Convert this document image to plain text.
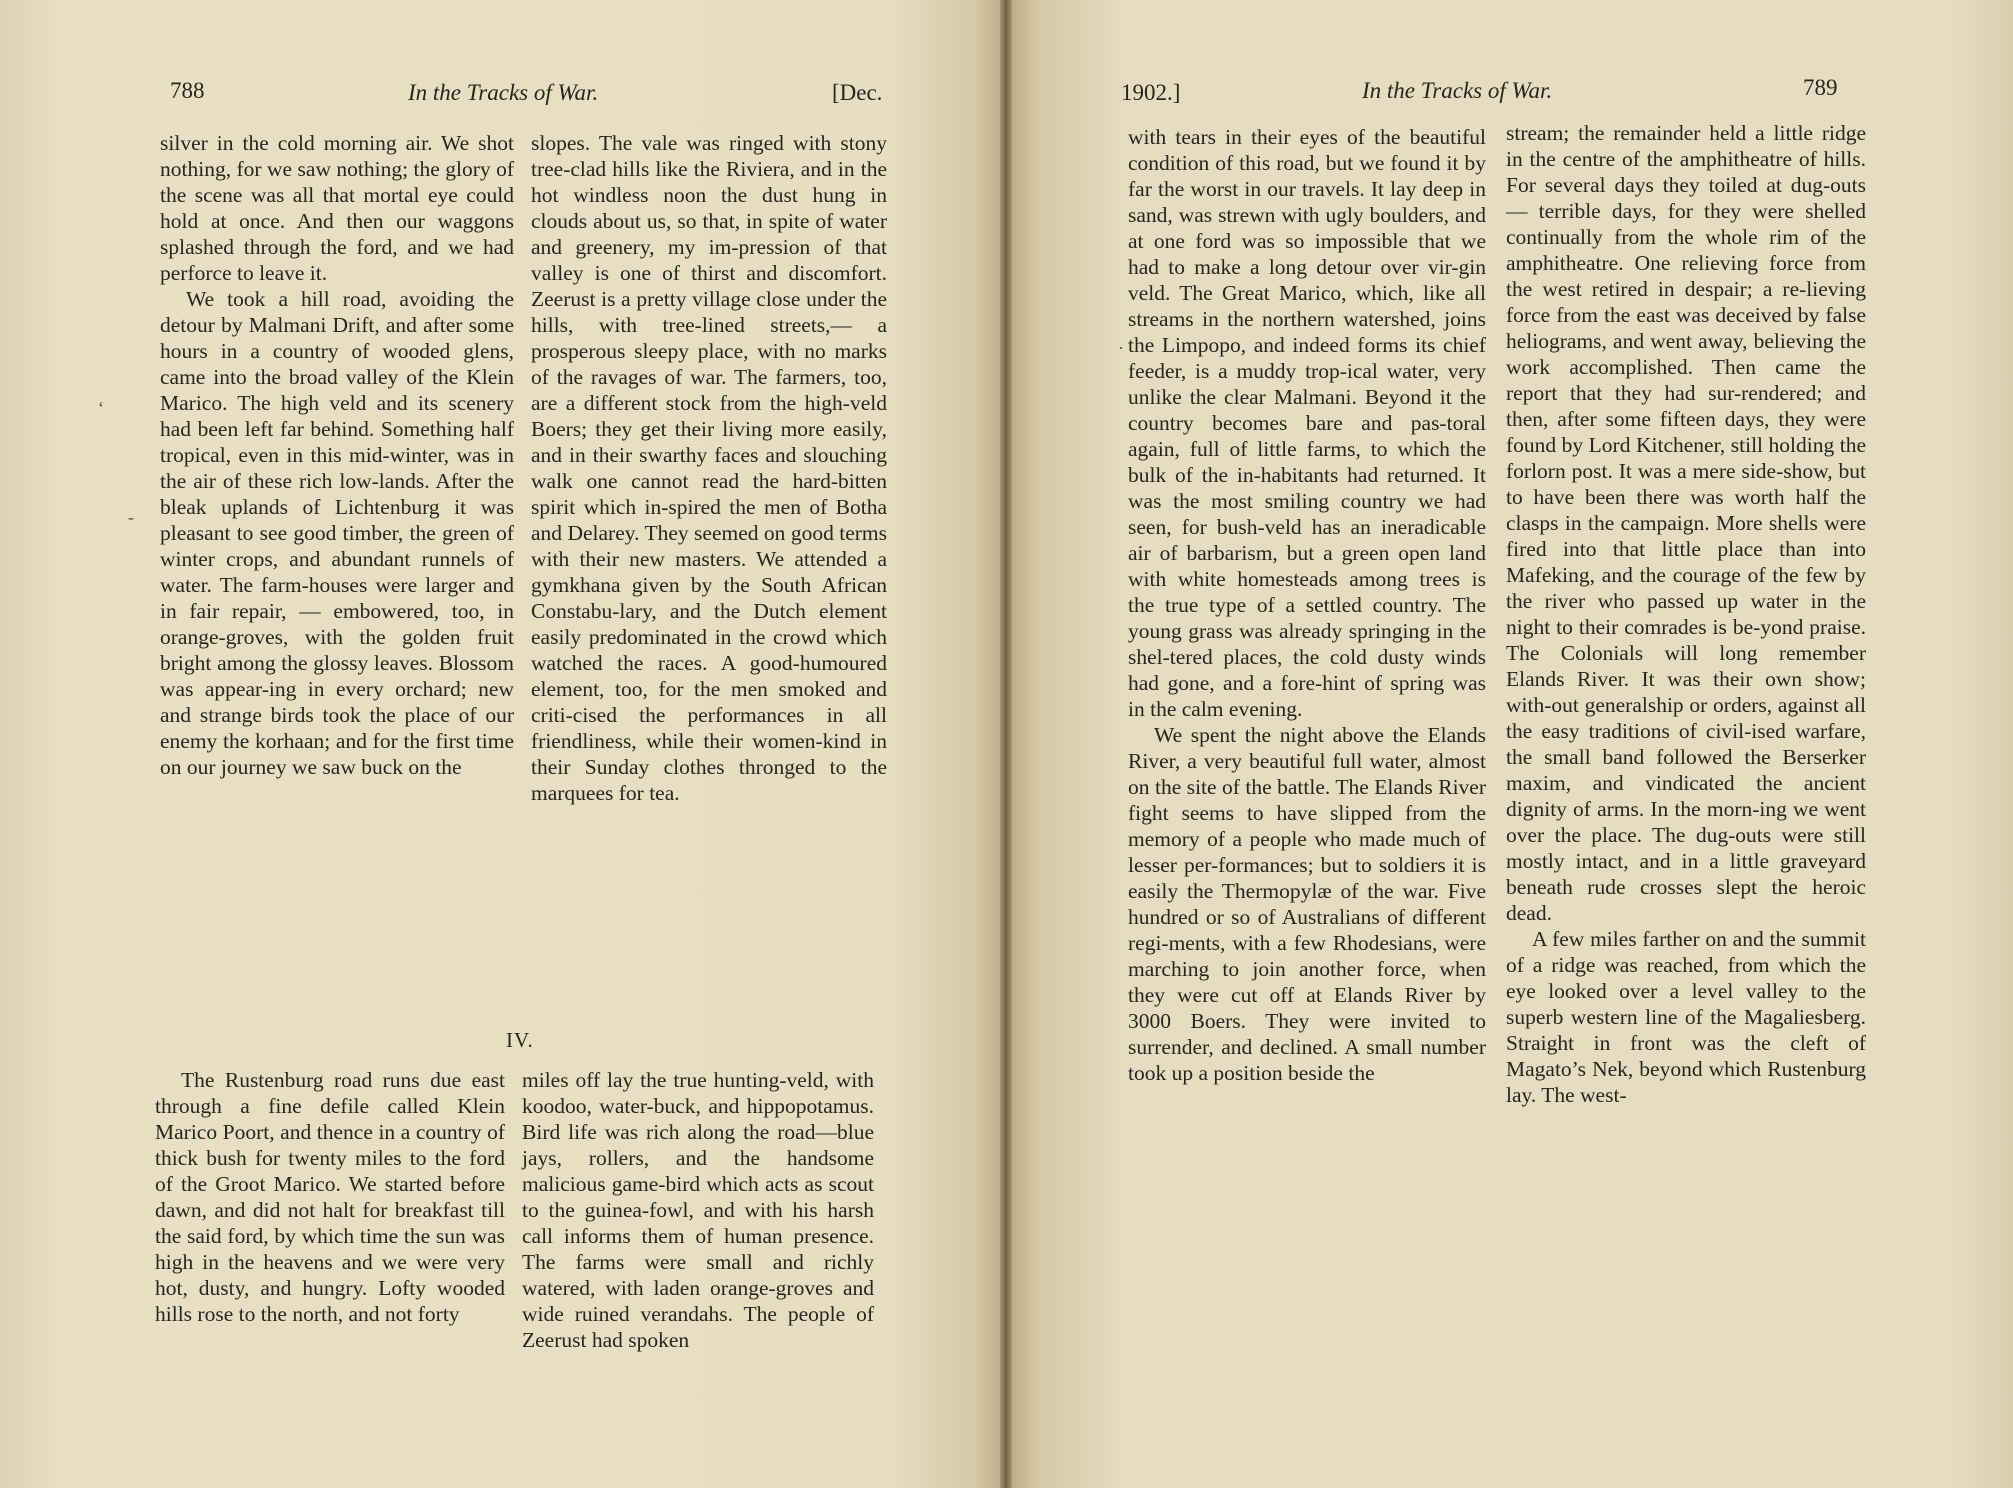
788	In the Tracks of War.	[Dec.

silver in the cold morning air. We shot nothing, for we saw nothing; the glory of the scene was all that mortal eye could hold at once. And then our waggons splashed through the ford, and we had perforce to leave it.

We took a hill road, avoiding the detour by Malmani Drift, and after some hours in a country of wooded glens, came into the broad valley of the Klein Marico. The high veld and its scenery had been left far behind. Something half tropical, even in this mid-winter, was in the air of these rich low-lands. After the bleak uplands of Lichtenburg it was pleasant to see good timber, the green of winter crops, and abundant runnels of water. The farm-houses were larger and in fair repair, — embowered, too, in orange-groves, with the golden fruit bright among the glossy leaves. Blossom was appear-ing in every orchard; new and strange birds took the place of our enemy the korhaan; and for the first time on our journey we saw buck on the

slopes. The vale was ringed with stony tree-clad hills like the Riviera, and in the hot windless noon the dust hung in clouds about us, so that, in spite of water and greenery, my im-pression of that valley is one of thirst and discomfort. Zeerust is a pretty village close under the hills, with tree-lined streets,— a prosperous sleepy place, with no marks of the ravages of war. The farmers, too, are a different stock from the high-veld Boers; they get their living more easily, and in their swarthy faces and slouching walk one cannot read the hard-bitten spirit which in-spired the men of Botha and Delarey. They seemed on good terms with their new masters. We attended a gymkhana given by the South African Constabu-lary, and the Dutch element easily predominated in the crowd which watched the races. A good-humoured element, too, for the men smoked and criti-cised the performances in all friendliness, while their women-kind in their Sunday clothes thronged to the marquees for tea.

IV.

The Rustenburg road runs due east through a fine defile called Klein Marico Poort, and thence in a country of thick bush for twenty miles to the ford of the Groot Marico. We started before dawn, and did not halt for breakfast till the said ford, by which time the sun was high in the heavens and we were very hot, dusty, and hungry. Lofty wooded hills rose to the north, and not forty

miles off lay the true hunting-veld, with koodoo, water-buck, and hippopotamus. Bird life was rich along the road—blue jays, rollers, and the handsome malicious game-bird which acts as scout to the guinea-fowl, and with his harsh call informs them of human presence. The farms were small and richly watered, with laden orange-groves and wide ruined verandahs. The people of Zeerust had spoken

‘
-
1902.]	In the Tracks of War.	789

with tears in their eyes of the beautiful condition of this road, but we found it by far the worst in our travels. It lay deep in sand, was strewn with ugly boulders, and at one ford was so impossible that we had to make a long detour over vir-gin veld. The Great Marico, which, like all streams in the northern watershed, joins the Limpopo, and indeed forms its chief feeder, is a muddy trop-ical water, very unlike the clear Malmani. Beyond it the country becomes bare and pas-toral again, full of little farms, to which the bulk of the in-habitants had returned. It was the most smiling country we had seen, for bush-veld has an ineradicable air of barbarism, but a green open land with white homesteads among trees is the true type of a settled country. The young grass was already springing in the shel-tered places, the cold dusty winds had gone, and a fore-hint of spring was in the calm evening.

We spent the night above the Elands River, a very beautiful full water, almost on the site of the battle. The Elands River fight seems to have slipped from the memory of a people who made much of lesser per-formances; but to soldiers it is easily the Thermopylæ of the war. Five hundred or so of Australians of different regi-ments, with a few Rhodesians, were marching to join another force, when they were cut off at Elands River by 3000 Boers. They were invited to surrender, and declined. A small number took up a position beside the

stream; the remainder held a little ridge in the centre of the amphitheatre of hills. For several days they toiled at dug-outs — terrible days, for they were shelled continually from the whole rim of the amphitheatre. One relieving force from the west retired in despair; a re-lieving force from the east was deceived by false heliograms, and went away, believing the work accomplished. Then came the report that they had sur-rendered; and then, after some fifteen days, they were found by Lord Kitchener, still holding the forlorn post. It was a mere side-show, but to have been there was worth half the clasps in the campaign. More shells were fired into that little place than into Mafeking, and the courage of the few by the river who passed up water in the night to their comrades is be-yond praise. The Colonials will long remember Elands River. It was their own show; with-out generalship or orders, against all the easy traditions of civil-ised warfare, the small band followed the Berserker maxim, and vindicated the ancient dignity of arms. In the morn-ing we went over the place. The dug-outs were still mostly intact, and in a little graveyard beneath rude crosses slept the heroic dead.

A few miles farther on and the summit of a ridge was reached, from which the eye looked over a level valley to the superb western line of the Magaliesberg. Straight in front was the cleft of Magato’s Nek, beyond which Rustenburg lay. The west-

·
